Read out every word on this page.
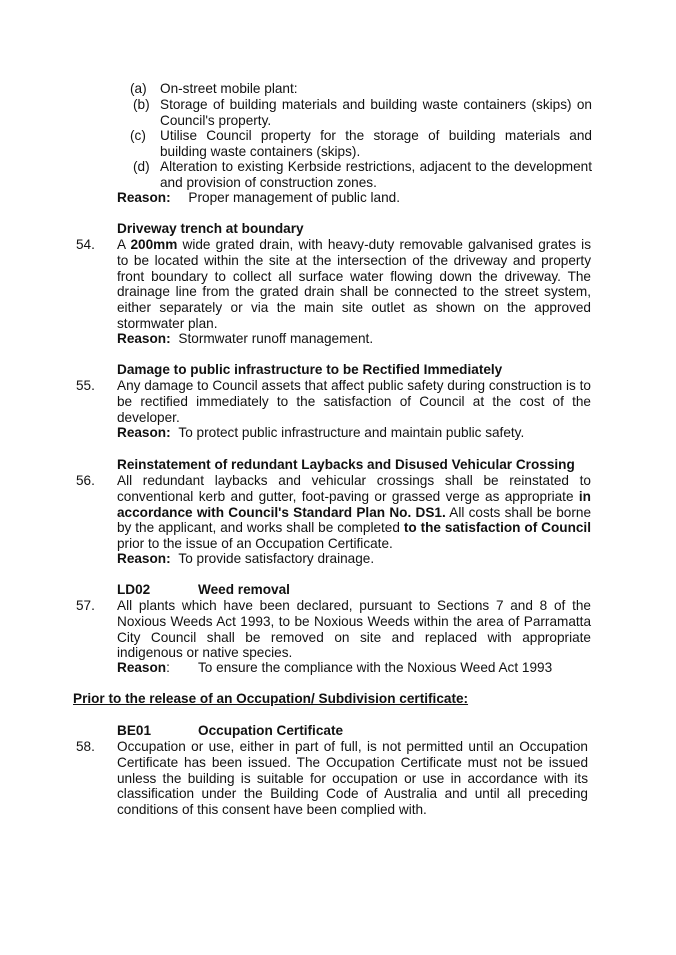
(a) On-street mobile plant:
(b) Storage of building materials and building waste containers (skips) on Council's property.
(c) Utilise Council property for the storage of building materials and building waste containers (skips).
(d) Alteration to existing Kerbside restrictions, adjacent to the development and provision of construction zones.
Reason: Proper management of public land.
Driveway trench at boundary
54. A 200mm wide grated drain, with heavy-duty removable galvanised grates is to be located within the site at the intersection of the driveway and property front boundary to collect all surface water flowing down the driveway. The drainage line from the grated drain shall be connected to the street system, either separately or via the main site outlet as shown on the approved stormwater plan.
Reason: Stormwater runoff management.
Damage to public infrastructure to be Rectified Immediately
55. Any damage to Council assets that affect public safety during construction is to be rectified immediately to the satisfaction of Council at the cost of the developer.
Reason: To protect public infrastructure and maintain public safety.
Reinstatement of redundant Laybacks and Disused Vehicular Crossing
56. All redundant laybacks and vehicular crossings shall be reinstated to conventional kerb and gutter, foot-paving or grassed verge as appropriate in accordance with Council's Standard Plan No. DS1. All costs shall be borne by the applicant, and works shall be completed to the satisfaction of Council prior to the issue of an Occupation Certificate.
Reason: To provide satisfactory drainage.
LD02	Weed removal
57. All plants which have been declared, pursuant to Sections 7 and 8 of the Noxious Weeds Act 1993, to be Noxious Weeds within the area of Parramatta City Council shall be removed on site and replaced with appropriate indigenous or native species.
Reason: To ensure the compliance with the Noxious Weed Act 1993
Prior to the release of an Occupation/ Subdivision certificate:
BE01	Occupation Certificate
58. Occupation or use, either in part of full, is not permitted until an Occupation Certificate has been issued. The Occupation Certificate must not be issued unless the building is suitable for occupation or use in accordance with its classification under the Building Code of Australia and until all preceding conditions of this consent have been complied with.
